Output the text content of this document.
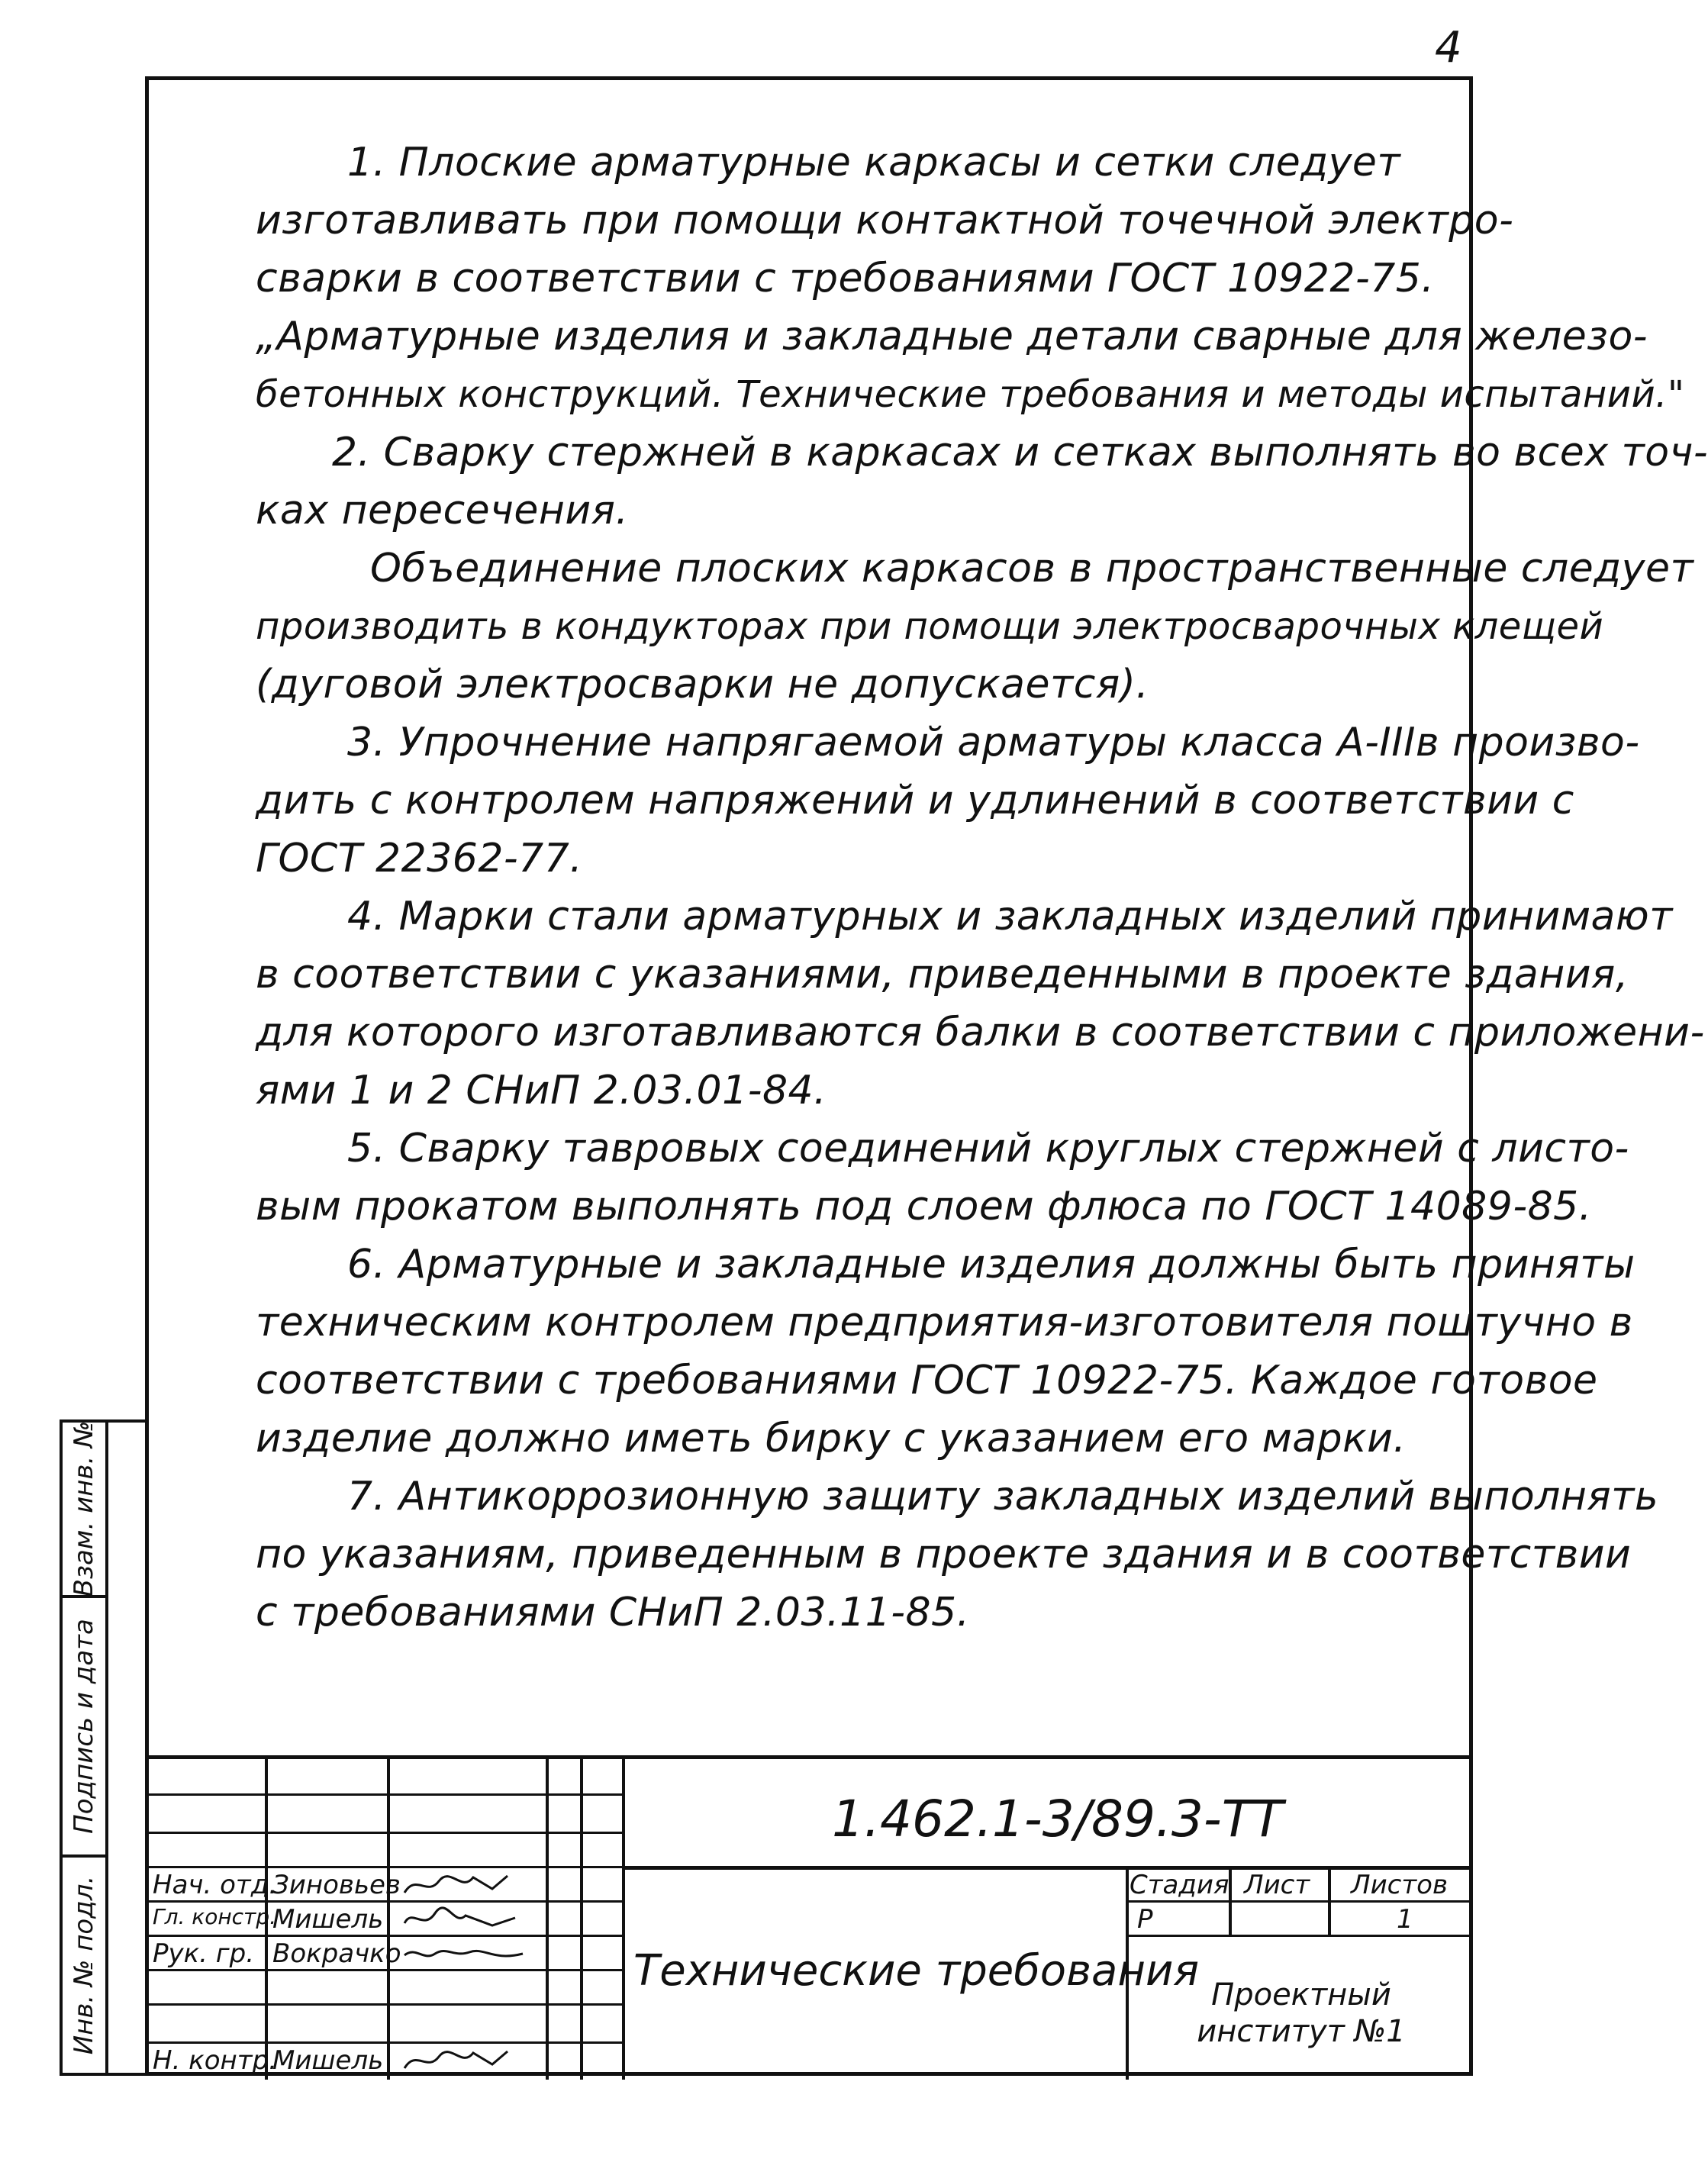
4
1. Плоские арматурные каркасы и сетки следует
изготавливать при помощи контактной точечной электро-
сварки в соответствии с требованиями ГОСТ 10922-75.
„Арматурные изделия и закладные детали сварные для железо-
бетонных конструкций. Технические требования и методы испытаний."
2. Сварку стержней в каркасах и сетках выполнять во всех точ-
ках пересечения.
Объединение плоских каркасов в пространственные следует
производить в кондукторах при помощи электросварочных клещей
(дуговой электросварки не допускается).
3. Упрочнение напрягаемой арматуры класса А-IIIв произво-
дить с контролем напряжений и удлинений в соответствии с
ГОСТ 22362-77.
4. Марки стали арматурных и закладных изделий принимают
в соответствии с указаниями, приведенными в проекте здания,
для которого изготавливаются балки в соответствии с приложени-
ями 1 и 2 СНиП 2.03.01-84.
5. Сварку тавровых соединений круглых стержней с листо-
вым прокатом выполнять под слоем флюса по ГОСТ 14089-85.
6. Арматурные и закладные изделия должны быть приняты
техническим контролем предприятия-изготовителя поштучно в
соответствии с требованиями ГОСТ 10922-75. Каждое готовое
изделие должно иметь бирку с указанием его марки.
7. Антикоррозионную защиту закладных изделий выполнять
по указаниям, приведенным в проекте здания и в соответствии
с требованиями СНиП 2.03.11-85.
Взам. инв. №
Подпись и дата
Инв. № подл. Нач. отд.
Зиновьев
Гл. констр.
Мишель
Рук. гр. Вокрачко
Н. контр.
Мишель
1.462.1-3/89.3-ТТ
Технические требования
Стадия Лист Листов
Р	1
Проектный институт №1
